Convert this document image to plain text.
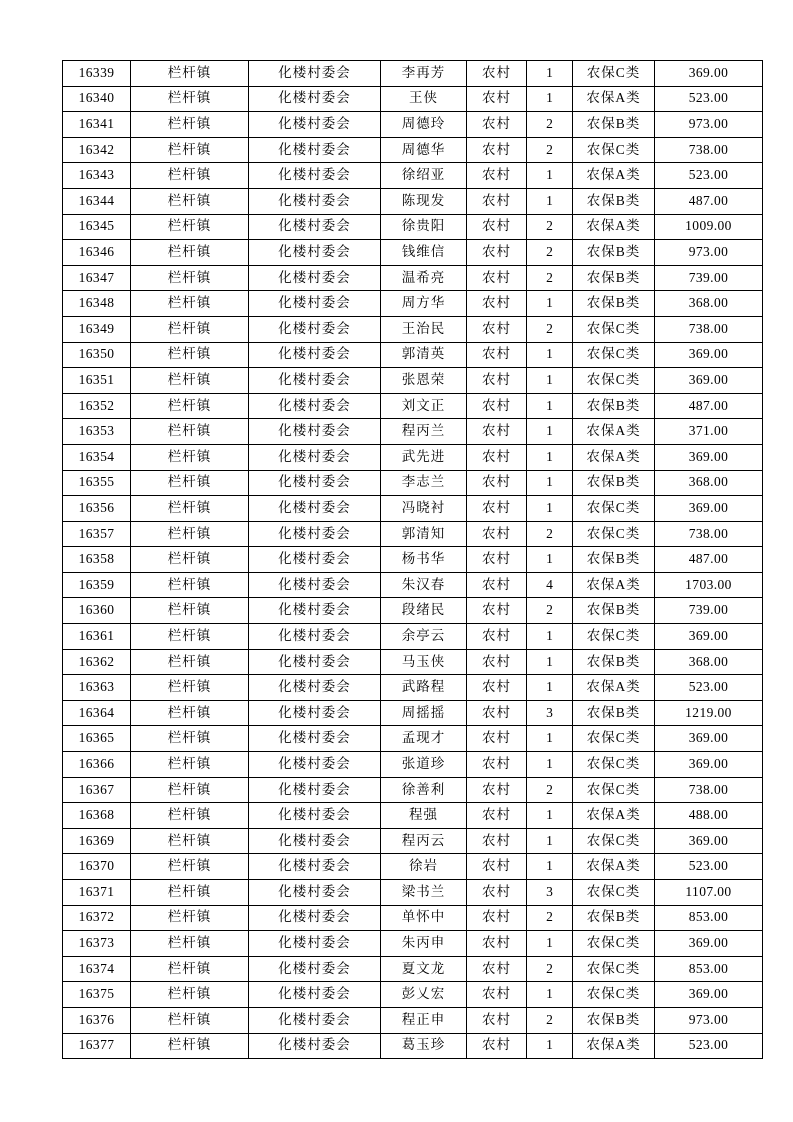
16339	栏杆镇	化楼村委会	李再芳	农村	1	农保C类	369.00
16340	栏杆镇	化楼村委会	王侠	农村	1	农保A类	523.00
16341	栏杆镇	化楼村委会	周德玲	农村	2	农保B类	973.00
16342	栏杆镇	化楼村委会	周德华	农村	2	农保C类	738.00
16343	栏杆镇	化楼村委会	徐绍亚	农村	1	农保A类	523.00
16344	栏杆镇	化楼村委会	陈现发	农村	1	农保B类	487.00
16345	栏杆镇	化楼村委会	徐贵阳	农村	2	农保A类	1009.00
16346	栏杆镇	化楼村委会	钱维信	农村	2	农保B类	973.00
16347	栏杆镇	化楼村委会	温希亮	农村	2	农保B类	739.00
16348	栏杆镇	化楼村委会	周方华	农村	1	农保B类	368.00
16349	栏杆镇	化楼村委会	王治民	农村	2	农保C类	738.00
16350	栏杆镇	化楼村委会	郭清英	农村	1	农保C类	369.00
16351	栏杆镇	化楼村委会	张恩荣	农村	1	农保C类	369.00
16352	栏杆镇	化楼村委会	刘文正	农村	1	农保B类	487.00
16353	栏杆镇	化楼村委会	程丙兰	农村	1	农保A类	371.00
16354	栏杆镇	化楼村委会	武先进	农村	1	农保A类	369.00
16355	栏杆镇	化楼村委会	李志兰	农村	1	农保B类	368.00
16356	栏杆镇	化楼村委会	冯晓衬	农村	1	农保C类	369.00
16357	栏杆镇	化楼村委会	郭清知	农村	2	农保C类	738.00
16358	栏杆镇	化楼村委会	杨书华	农村	1	农保B类	487.00
16359	栏杆镇	化楼村委会	朱汉春	农村	4	农保A类	1703.00
16360	栏杆镇	化楼村委会	段绪民	农村	2	农保B类	739.00
16361	栏杆镇	化楼村委会	余亭云	农村	1	农保C类	369.00
16362	栏杆镇	化楼村委会	马玉侠	农村	1	农保B类	368.00
16363	栏杆镇	化楼村委会	武路程	农村	1	农保A类	523.00
16364	栏杆镇	化楼村委会	周摇摇	农村	3	农保B类	1219.00
16365	栏杆镇	化楼村委会	孟现才	农村	1	农保C类	369.00
16366	栏杆镇	化楼村委会	张道珍	农村	1	农保C类	369.00
16367	栏杆镇	化楼村委会	徐善利	农村	2	农保C类	738.00
16368	栏杆镇	化楼村委会	程强	农村	1	农保A类	488.00
16369	栏杆镇	化楼村委会	程丙云	农村	1	农保C类	369.00
16370	栏杆镇	化楼村委会	徐岩	农村	1	农保A类	523.00
16371	栏杆镇	化楼村委会	梁书兰	农村	3	农保C类	1107.00
16372	栏杆镇	化楼村委会	单怀中	农村	2	农保B类	853.00
16373	栏杆镇	化楼村委会	朱丙申	农村	1	农保C类	369.00
16374	栏杆镇	化楼村委会	夏文龙	农村	2	农保C类	853.00
16375	栏杆镇	化楼村委会	彭乂宏	农村	1	农保C类	369.00
16376	栏杆镇	化楼村委会	程正申	农村	2	农保B类	973.00
16377	栏杆镇	化楼村委会	葛玉珍	农村	1	农保A类	523.00
